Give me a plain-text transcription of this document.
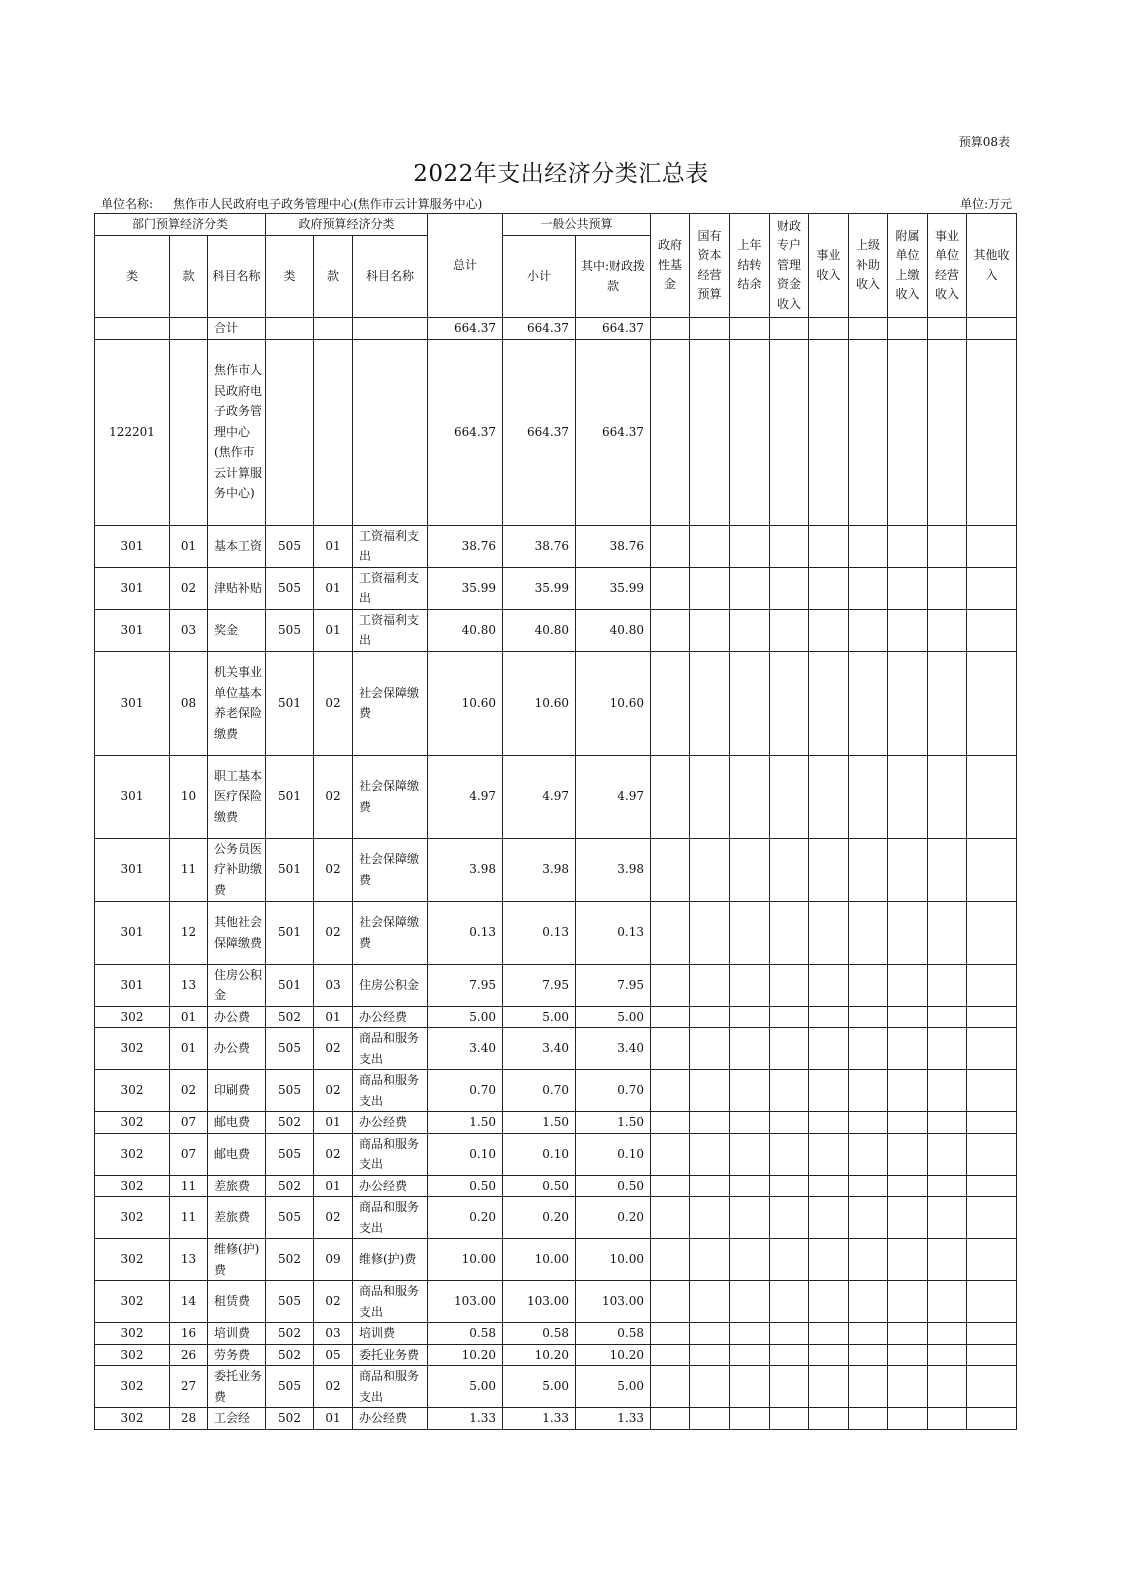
预算08表
2022年支出经济分类汇总表
单位名称: 焦作市人民政府电子政务管理中心(焦作市云计算服务中心)	单位:万元
部门预算经济分类			政府预算经济分类			总计	一般公共预算		政府性基金	国有资本经营预算	上年结转结余	财政专户管理资金收入	事业收入	上级补助收入	附属单位上缴收入	事业单位经营收入	其他收入
类	款	科目名称	类	款	科目名称		小计	其中:财政拨款									
		合计				664.37	664.37	664.37									
122201		焦作市人民政府电子政务管理中心(焦作市云计算服务中心)				664.37	664.37	664.37									
301	01	基本工资	505	01	工资福利支出	38.76	38.76	38.76									
301	02	津贴补贴	505	01	工资福利支出	35.99	35.99	35.99									
301	03	奖金	505	01	工资福利支出	40.80	40.80	40.80									
301	08	机关事业单位基本养老保险缴费	501	02	社会保障缴费	10.60	10.60	10.60									
301	10	职工基本医疗保险缴费	501	02	社会保障缴费	4.97	4.97	4.97									
301	11	公务员医疗补助缴费	501	02	社会保障缴费	3.98	3.98	3.98									
301	12	其他社会保障缴费	501	02	社会保障缴费	0.13	0.13	0.13									
301	13	住房公积金	501	03	住房公积金	7.95	7.95	7.95									
302	01	办公费	502	01	办公经费	5.00	5.00	5.00									
302	01	办公费	505	02	商品和服务支出	3.40	3.40	3.40									
302	02	印刷费	505	02	商品和服务支出	0.70	0.70	0.70									
302	07	邮电费	502	01	办公经费	1.50	1.50	1.50									
302	07	邮电费	505	02	商品和服务支出	0.10	0.10	0.10									
302	11	差旅费	502	01	办公经费	0.50	0.50	0.50									
302	11	差旅费	505	02	商品和服务支出	0.20	0.20	0.20									
302	13	维修(护)费	502	09	维修(护)费	10.00	10.00	10.00									
302	14	租赁费	505	02	商品和服务支出	103.00	103.00	103.00									
302	16	培训费	502	03	培训费	0.58	0.58	0.58									
302	26	劳务费	502	05	委托业务费	10.20	10.20	10.20									
302	27	委托业务费	505	02	商品和服务支出	5.00	5.00	5.00									
302	28	工会经	502	01	办公经费	1.33	1.33	1.33									
